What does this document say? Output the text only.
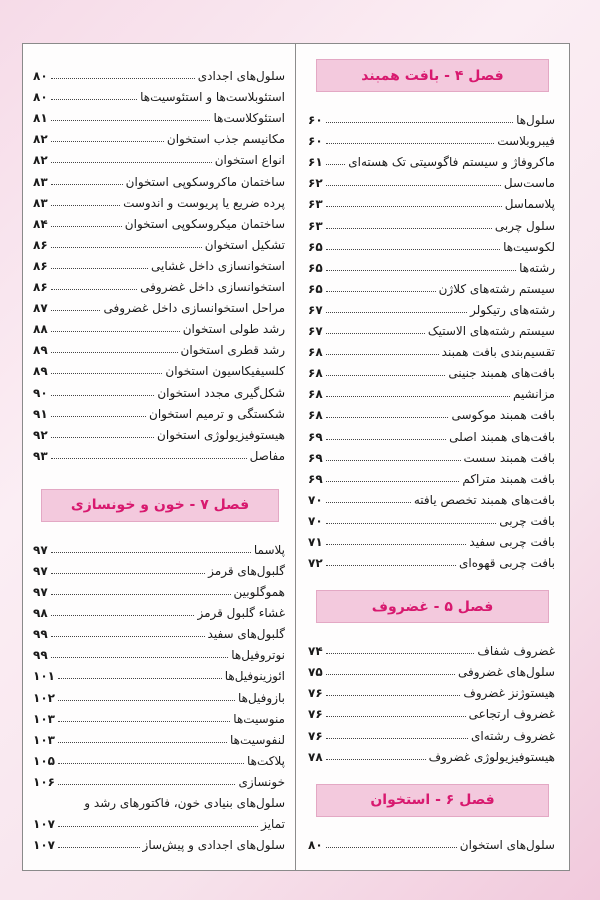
فصل ۴ - بافت همبند
سلول‌ها
۶۰
فیبروبلاست
۶۰
ماکروفاژ و سیستم فاگوسیتی تک هسته‌ای
۶۱
ماست‌سل
۶۲
پلاسماسل
۶۳
سلول چربی
۶۳
لکوسیت‌ها
۶۵
رشته‌ها
۶۵
سیستم رشته‌های کلاژن
۶۵
رشته‌های رتیکولر
۶۷
سیستم رشته‌های الاستیک
۶۷
تقسیم‌بندی بافت همبند
۶۸
بافت‌های همبند جنینی
۶۸
مزانشیم
۶۸
بافت همبند موکوسی
۶۸
بافت‌های همبند اصلی
۶۹
بافت همبند سست
۶۹
بافت همبند متراکم
۶۹
بافت‌های همبند تخصص یافته
۷۰
بافت چربی
۷۰
بافت چربی سفید
۷۱
بافت چربی قهوه‌ای
۷۲
فصل ۵ - غضروف
غضروف شفاف
۷۴
سلول‌های غضروفی
۷۵
هیستوژنز غضروف
۷۶
غضروف ارتجاعی
۷۶
غضروف رشته‌ای
۷۶
هیستوفیزیولوژی غضروف
۷۸
فصل ۶ - استخوان
سلول‌های استخوان
۸۰
سلول‌های اجدادی
۸۰
استئوبلاست‌ها و استئوسیت‌ها
۸۰
استئوکلاست‌ها
۸۱
مکانیسم جذب استخوان
۸۲
انواع استخوان
۸۲
ساختمان ماکروسکوپی استخوان
۸۳
پرده ضریع یا پریوست و اندوست
۸۳
ساختمان میکروسکوپی استخوان
۸۴
تشکیل استخوان
۸۶
استخوانسازی داخل غشایی
۸۶
استخوانسازی داخل غضروفی
۸۶
مراحل استخوانسازی داخل غضروفی
۸۷
رشد طولی استخوان
۸۸
رشد قطری استخوان
۸۹
کلسیفیکاسیون استخوان
۸۹
شکل‌گیری مجدد استخوان
۹۰
شکستگی و ترمیم استخوان
۹۱
هیستوفیزیولوژی استخوان
۹۲
مفاصل
۹۳
فصل ۷ - خون و خونسازی
پلاسما
۹۷
گلبول‌های قرمز
۹۷
هموگلوبین
۹۷
غشاء گلبول قرمز
۹۸
گلبول‌های سفید
۹۹
نوتروفیل‌ها
۹۹
ائوزینوفیل‌ها
۱۰۱
بازوفیل‌ها
۱۰۲
منوسیت‌ها
۱۰۳
لنفوسیت‌ها
۱۰۳
پلاکت‌ها
۱۰۵
خونسازی
۱۰۶
سلول‌های بنیادی خون، فاکتورهای رشد و
تمایز
۱۰۷
سلول‌های اجدادی و پیش‌ساز
۱۰۷
